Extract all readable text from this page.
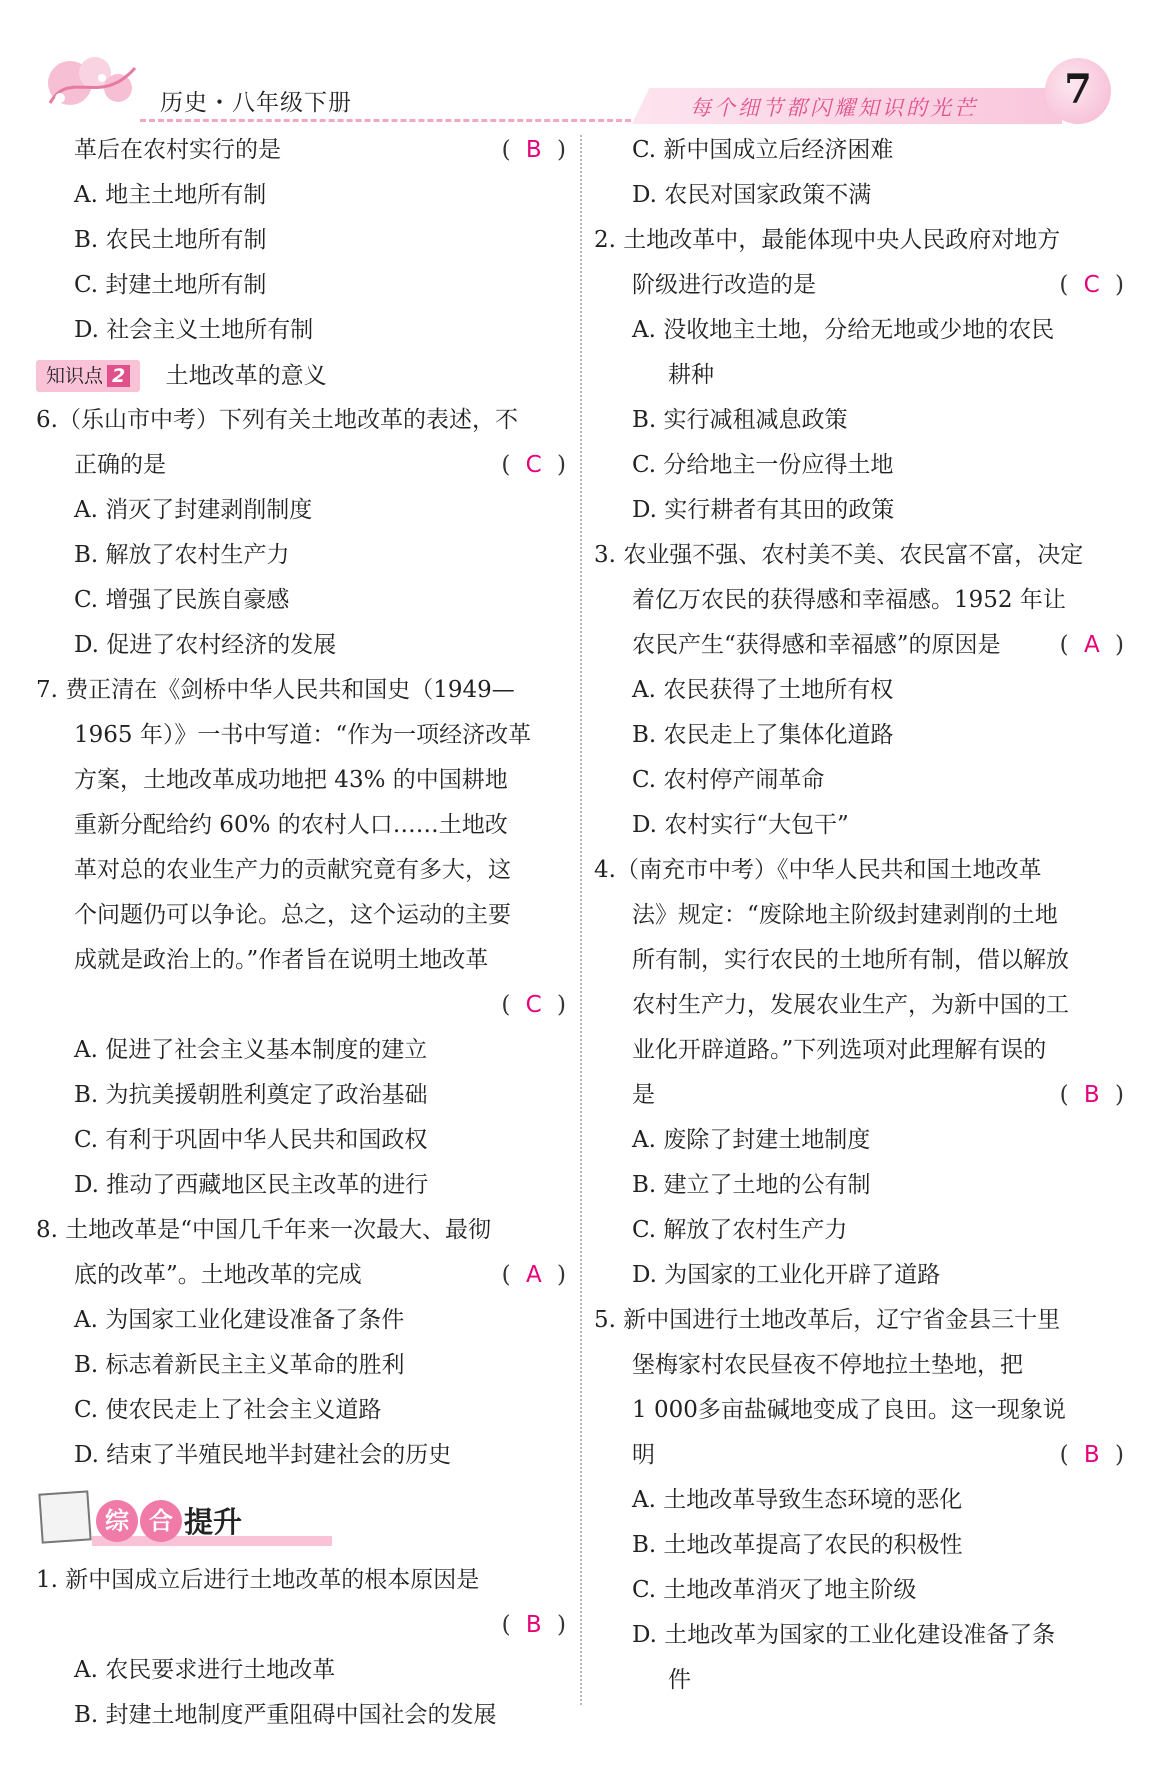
历史・八年级下册	每个细节都闪耀知识的光芒	7
革后在农村实行的是	( B )
A. 地主土地所有制
B. 农民土地所有制
C. 封建土地所有制
D. 社会主义土地所有制
知识点 2 土地改革的意义
6.（乐山市中考）下列有关土地改革的表述，不
正确的是	( C )
A. 消灭了封建剥削制度
B. 解放了农村生产力
C. 增强了民族自豪感
D. 促进了农村经济的发展
7. 费正清在《剑桥中华人民共和国史（1949—
1965 年）》一书中写道：“作为一项经济改革
方案，土地改革成功地把 43% 的中国耕地
重新分配给约 60% 的农村人口……土地改
革对总的农业生产力的贡献究竟有多大，这
个问题仍可以争论。总之，这个运动的主要
成就是政治上的。”作者旨在说明土地改革
( C )
A. 促进了社会主义基本制度的建立
B. 为抗美援朝胜利奠定了政治基础
C. 有利于巩固中华人民共和国政权
D. 推动了西藏地区民主改革的进行
8. 土地改革是“中国几千年来一次最大、最彻
底的改革”。土地改革的完成	( A )
A. 为国家工业化建设准备了条件
B. 标志着新民主主义革命的胜利
C. 使农民走上了社会主义道路
D. 结束了半殖民地半封建社会的历史
综 合 提升
1. 新中国成立后进行土地改革的根本原因是
( B )
A. 农民要求进行土地改革
B. 封建土地制度严重阻碍中国社会的发展
C. 新中国成立后经济困难
D. 农民对国家政策不满
2. 土地改革中，最能体现中央人民政府对地方
阶级进行改造的是	( C )
A. 没收地主土地，分给无地或少地的农民
耕种
B. 实行减租减息政策
C. 分给地主一份应得土地
D. 实行耕者有其田的政策
3. 农业强不强、农村美不美、农民富不富，决定
着亿万农民的获得感和幸福感。1952 年让
农民产生“获得感和幸福感”的原因是	( A )
A. 农民获得了土地所有权
B. 农民走上了集体化道路
C. 农村停产闹革命
D. 农村实行“大包干”
4.（南充市中考）《中华人民共和国土地改革
法》规定：“废除地主阶级封建剥削的土地
所有制，实行农民的土地所有制，借以解放
农村生产力，发展农业生产，为新中国的工
业化开辟道路。”下列选项对此理解有误的
是	( B )
A. 废除了封建土地制度
B. 建立了土地的公有制
C. 解放了农村生产力
D. 为国家的工业化开辟了道路
5. 新中国进行土地改革后，辽宁省金县三十里
堡梅家村农民昼夜不停地拉土垫地，把
1 000多亩盐碱地变成了良田。这一现象说
明	( B )
A. 土地改革导致生态环境的恶化
B. 土地改革提高了农民的积极性
C. 土地改革消灭了地主阶级
D. 土地改革为国家的工业化建设准备了条
件
